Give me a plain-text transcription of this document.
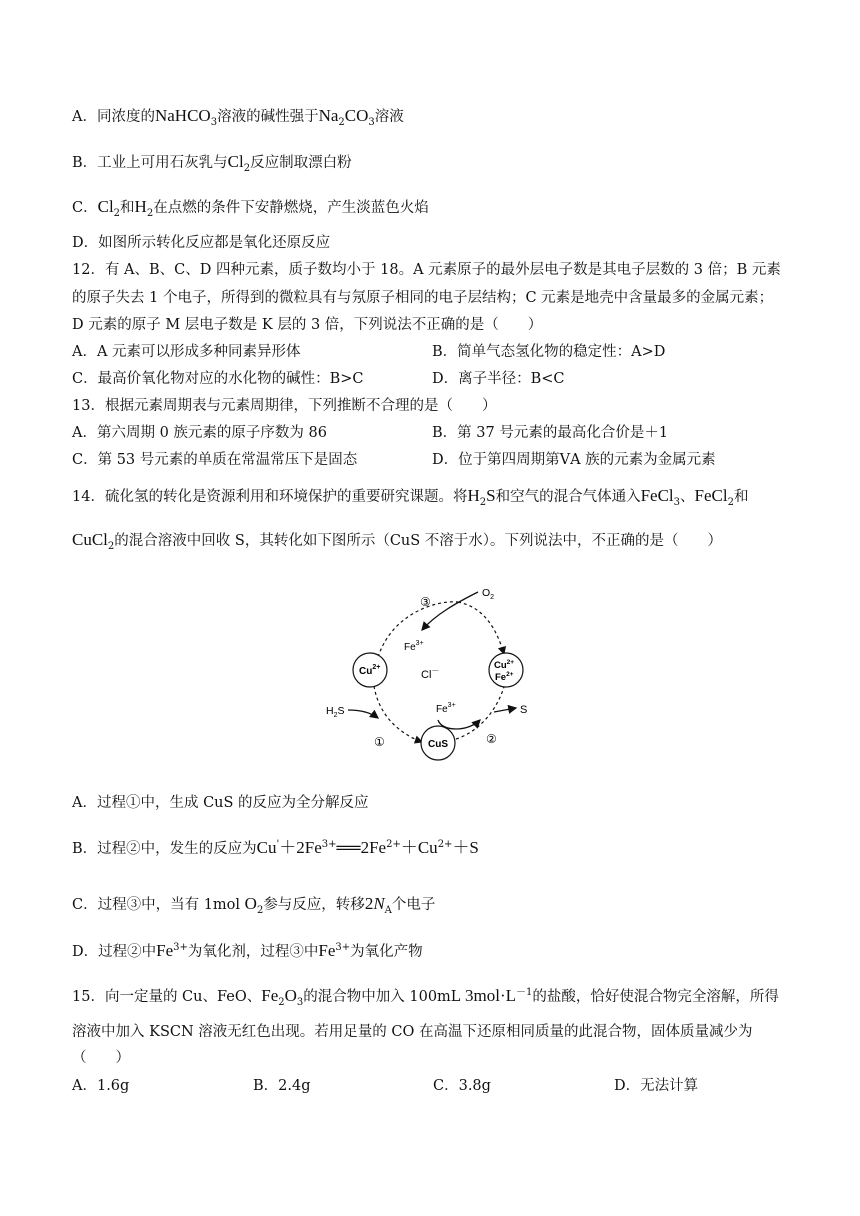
A．同浓度的NaHCO$_3$溶液的碱性强于$Na_2CO_3$溶液
B．工业上可用石灰乳与$Cl_2$反应制取漂白粉
C．$Cl_2$和$H_2$在点燃的条件下安静燃烧，产生淡蓝色火焰
D．如图所示转化反应都是氧化还原反应
12．有 A、B、C、D 四种元素，质子数均小于 18。A 元素原子的最外层电子数是其电子层数的 3 倍；B 元素
的原子失去 1 个电子，所得到的微粒具有与氖原子相同的电子层结构；C 元素是地壳中含量最多的金属元素；
D 元素的原子 M 层电子数是 K 层的 3 倍，下列说法不正确的是（　　）
A．A 元素可以形成多种同素异形体	B．简单气态氢化物的稳定性：A>D
C．最高价氧化物对应的水化物的碱性：B>C	D．离子半径：B<C
13．根据元素周期表与元素周期律，下列推断不合理的是（　　）
A．第六周期 0 族元素的原子序数为 86	B．第 37 号元素的最高化合价是＋1
C．第 53 号元素的单质在常温常压下是固态	D．位于第四周期第ⅤA 族的元素为金属元素
14．硫化氢的转化是资源利用和环境保护的重要研究课题。将$H_2S$和空气的混合气体通入FeCl$_3$、FeCl$_2$和
CuCl$_2$的混合溶液中回收 S，其转化如下图所示（CuS 不溶于水）。下列说法中，不正确的是（　　）
③
$O_2$
$Fe^{3+}$
$Cu^{2+}$
Cl－	$Cu^{2+}$
$Fe^{2+}$
$H_2S$	$Fe^{3+}$	S
①	CuS	②
A．过程①中，生成 CuS 的反应为全分解反应
B．过程②中，发生的反应为$Cu'+2Fe^{3+}══2Fe^{2+}+Cu^{2+}+S$
C．过程③中，当有 1mol $O_2$参与反应，转移$2N_A$个电子
D．过程②中$Fe^{3+}$为氧化剂，过程③中$Fe^{3+}$为氧化产物
15．向一定量的 Cu、FeO、$Fe_2O_3$的混合物中加入 100mL $3mol\cdot L^{-1}$的盐酸，恰好使混合物完全溶解，所得
溶液中加入 KSCN 溶液无红色出现。若用足量的 CO 在高温下还原相同质量的此混合物，固体质量减少为
（　　）
A．1.6g	B．2.4g	C．3.8g	D．无法计算
